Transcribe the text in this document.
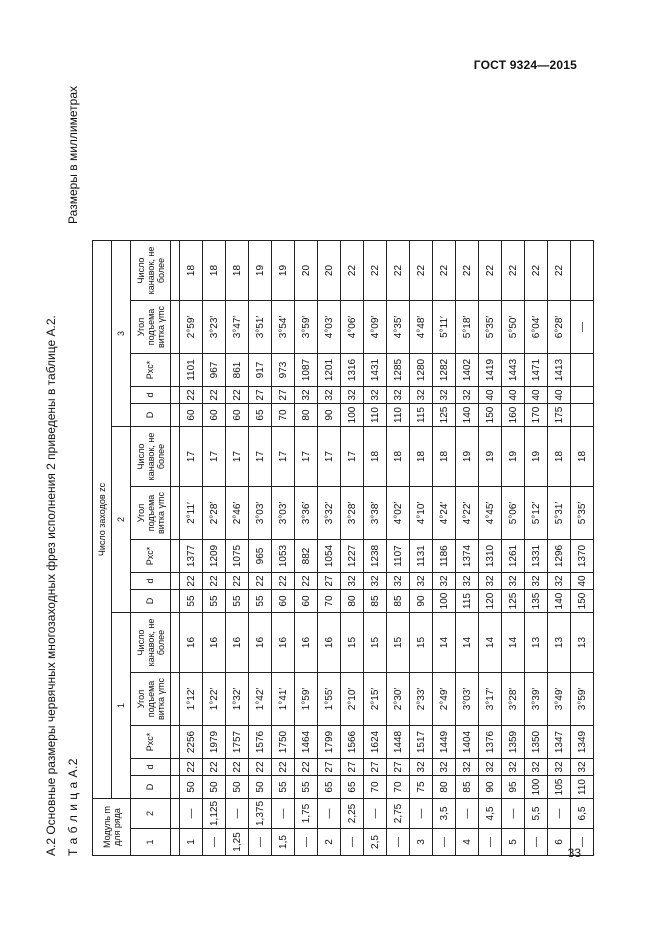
ГОСТ 9324—2015
А.2 Основные размеры червячных многозаходных фрез исполнения 2 приведены в таблице А.2. Т а б л и ц а А.2
Размеры в миллиметрах
Модуль m для ряда		Число заходов zс														
		1					2					3				
1	2	D	d	Pхс*	Угол подъема витка γmc	Число канавок, не более	D	d	Pхс*	Угол подъема витка γmc	Число канавок, не более	D	d	Pхс*	Угол подъема витка γmc	Число канавок, не более

1	—	50	22	2256	1°12′	16	55	22	1377	2°11′	17	60	22	1101	2°59′	18
—	1,125	50	22	1979	1°22′	16	55	22	1209	2°28′	17	60	22	967	3°23′	18
1,25	—	50	22	1757	1°32′	16	55	22	1075	2°46′	17	60	22	861	3°47′	18
—	1,375	50	22	1576	1°42′	16	55	22	965	3°03′	17	65	27	917	3°51′	19
1,5	—	55	22	1750	1°41′	16	60	22	1053	3°03′	17	70	27	973	3°54′	19
—	1,75	55	22	1464	1°59′	16	60	22	882	3°36′	17	80	32	1087	3°59′	20
2	—	65	27	1799	1°55′	16	70	27	1054	3°32′	17	90	32	1201	4°03′	20
—	2,25	65	27	1566	2°10′	15	80	32	1227	3°28′	17	100	32	1316	4°06′	22
2,5	—	70	27	1624	2°15′	15	85	32	1238	3°38′	18	110	32	1431	4°09′	22
—	2,75	70	27	1448	2°30′	15	85	32	1107	4°02′	18	110	32	1285	4°35′	22
3	—	75	32	1517	2°33′	15	90	32	1131	4°10′	18	115	32	1280	4°48′	22
—	3,5	80	32	1449	2°49′	14	100	32	1186	4°24′	18	125	32	1282	5°11′	22
4	—	85	32	1404	3°03′	14	115	32	1374	4°22′	19	140	32	1402	5°18′	22
—	4,5	90	32	1376	3°17′	14	120	32	1310	4°45′	19	150	40	1419	5°35′	22
5	—	95	32	1359	3°28′	14	125	32	1261	5°06′	19	160	40	1443	5°50′	22
—	5,5	100	32	1350	3°39′	13	135	32	1331	5°12′	19	170	40	1471	6°04′	22
6	—	105	32	1347	3°49′	13	140	32	1296	5°31′	18	175	40	1413	6°28′	22
—	6,5	110	32	1349	3°59′	13	150	40	1370	5°35′	18				—	
33
